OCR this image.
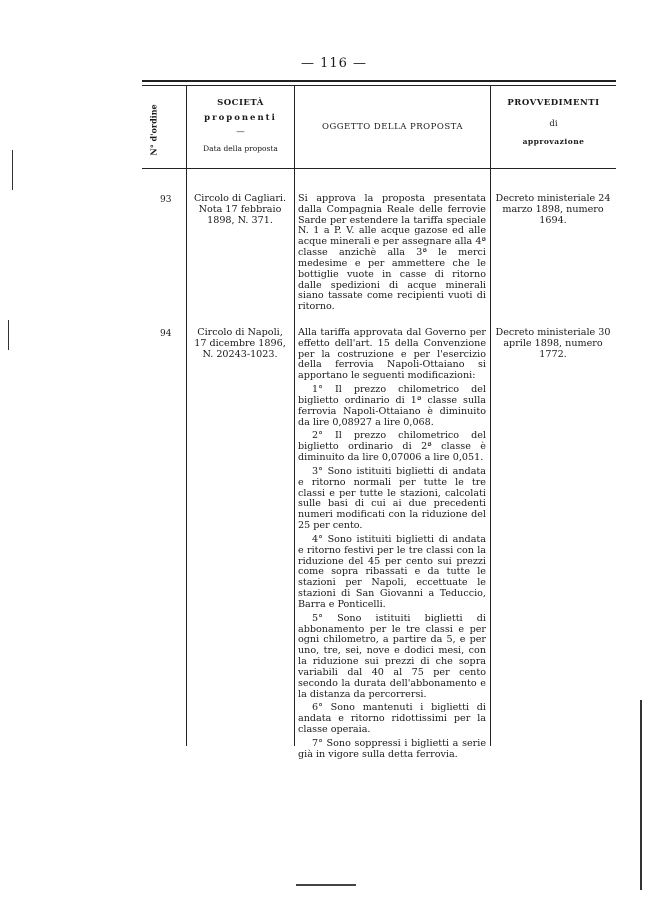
— 116 —
N° d'ordine
SOCIETÀ
proponenti
—
Data della proposta
OGGETTO DELLA PROPOSTA
PROVVEDIMENTI
di
approvazione
93	Circolo di Cagliari. Nota 17 febbraio 1898, N. 371.
Si approva la proposta presentata dalla Compagnia Reale delle ferrovie Sarde per estendere la tariffa speciale N. 1 a P. V. alle acque gazose ed alle acque minerali e per assegnare alla 4ª classe anzichè alla 3ª le merci medesime e per ammettere che le bottiglie vuote in casse di ritorno dalle spedizioni di acque minerali siano tassate come recipienti vuoti di ritorno.
Decreto ministeriale 24 marzo 1898, numero 1694.
94	Circolo di Napoli, 17 dicembre 1896, N. 20243-1023.

Alla tariffa approvata dal Governo per effetto dell'art. 15 della Convenzione per la costruzione e per l'esercizio della ferrovia Napoli-Ottaiano si apportano le seguenti modificazioni:

1° Il prezzo chilometrico del biglietto ordinario di 1ª classe sulla ferrovia Napoli-Ottaiano è diminuito da lire 0,08927 a lire 0,068.

2° Il prezzo chilometrico del biglietto ordinario di 2ª classe è diminuito da lire 0,07006 a lire 0,051.

3° Sono istituiti biglietti di andata e ritorno normali per tutte le tre classi e per tutte le stazioni, calcolati sulle basi di cui ai due precedenti numeri modificati con la riduzione del 25 per cento.

4° Sono istituiti biglietti di andata e ritorno festivi per le tre classi con la riduzione del 45 per cento sui prezzi come sopra ribassati e da tutte le stazioni per Napoli, eccettuate le stazioni di San Giovanni a Teduccio, Barra e Ponticelli.

5° Sono istituiti biglietti di abbonamento per le tre classi e per ogni chilometro, a partire da 5, e per uno, tre, sei, nove e dodici mesi, con la riduzione sui prezzi di che sopra variabili dal 40 al 75 per cento secondo la durata dell'abbonamento e la distanza da percorrersi.

6° Sono mantenuti i biglietti di andata e ritorno ridottissimi per la classe operaia.

7° Sono soppressi i biglietti a serie già in vigore sulla detta ferrovia.

Decreto ministeriale 30 aprile 1898, numero 1772.
